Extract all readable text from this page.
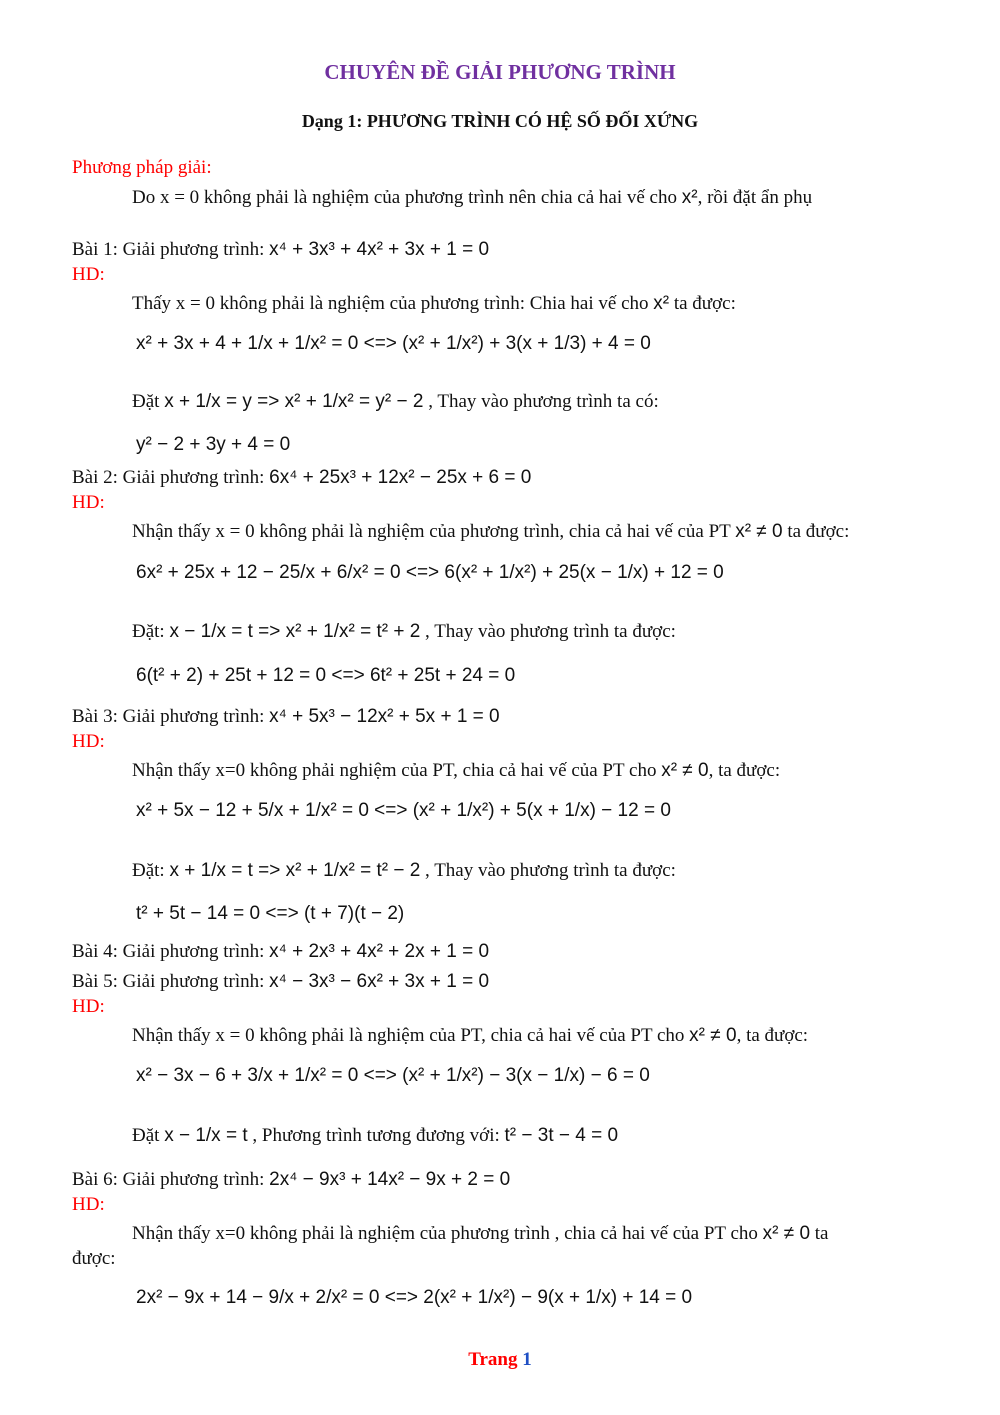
CHUYÊN ĐỀ GIẢI PHƯƠNG TRÌNH
Dạng 1: PHƯƠNG TRÌNH CÓ HỆ SỐ ĐỐI XỨNG
Phương pháp giải:
Do x = 0 không phải là nghiệm của phương trình nên chia cả hai vế cho x², rồi đặt ẩn phụ
Bài 1: Giải phương trình: x⁴ + 3x³ + 4x² + 3x + 1 = 0
HD:
Thấy x = 0 không phải là nghiệm của phương trình: Chia hai vế cho x² ta được:
x² + 3x + 4 + 1/x + 1/x² = 0 <=> (x² + 1/x²) + 3(x + 1/3) + 4 = 0
Đặt x + 1/x = y => x² + 1/x² = y² − 2 , Thay vào phương trình ta có:
y² − 2 + 3y + 4 = 0
Bài 2: Giải phương trình: 6x⁴ + 25x³ + 12x² − 25x + 6 = 0
HD:
Nhận thấy x = 0 không phải là nghiệm của phương trình, chia cả hai vế của PT x² ≠ 0 ta được:
6x² + 25x + 12 − 25/x + 6/x² = 0 <=> 6(x² + 1/x²) + 25(x − 1/x) + 12 = 0
Đặt: x − 1/x = t => x² + 1/x² = t² + 2 , Thay vào phương trình ta được:
6(t² + 2) + 25t + 12 = 0 <=> 6t² + 25t + 24 = 0
Bài 3: Giải phương trình: x⁴ + 5x³ − 12x² + 5x + 1 = 0
HD:
Nhận thấy x=0 không phải nghiệm của PT, chia cả hai vế của PT cho x² ≠ 0, ta được:
x² + 5x − 12 + 5/x + 1/x² = 0 <=> (x² + 1/x²) + 5(x + 1/x) − 12 = 0
Đặt: x + 1/x = t => x² + 1/x² = t² − 2 , Thay vào phương trình ta được:
t² + 5t − 14 = 0 <=> (t + 7)(t − 2)
Bài 4: Giải phương trình: x⁴ + 2x³ + 4x² + 2x + 1 = 0
Bài 5: Giải phương trình: x⁴ − 3x³ − 6x² + 3x + 1 = 0
HD:
Nhận thấy x = 0 không phải là nghiệm của PT, chia cả hai vế của PT cho x² ≠ 0, ta được:
x² − 3x − 6 + 3/x + 1/x² = 0 <=> (x² + 1/x²) − 3(x − 1/x) − 6 = 0
Đặt x − 1/x = t , Phương trình tương đương với: t² − 3t − 4 = 0
Bài 6: Giải phương trình: 2x⁴ − 9x³ + 14x² − 9x + 2 = 0
HD:
Nhận thấy x=0 không phải là nghiệm của phương trình , chia cả hai vế của PT cho x² ≠ 0 ta
được:
2x² − 9x + 14 − 9/x + 2/x² = 0 <=> 2(x² + 1/x²) − 9(x + 1/x) + 14 = 0
Trang 1
